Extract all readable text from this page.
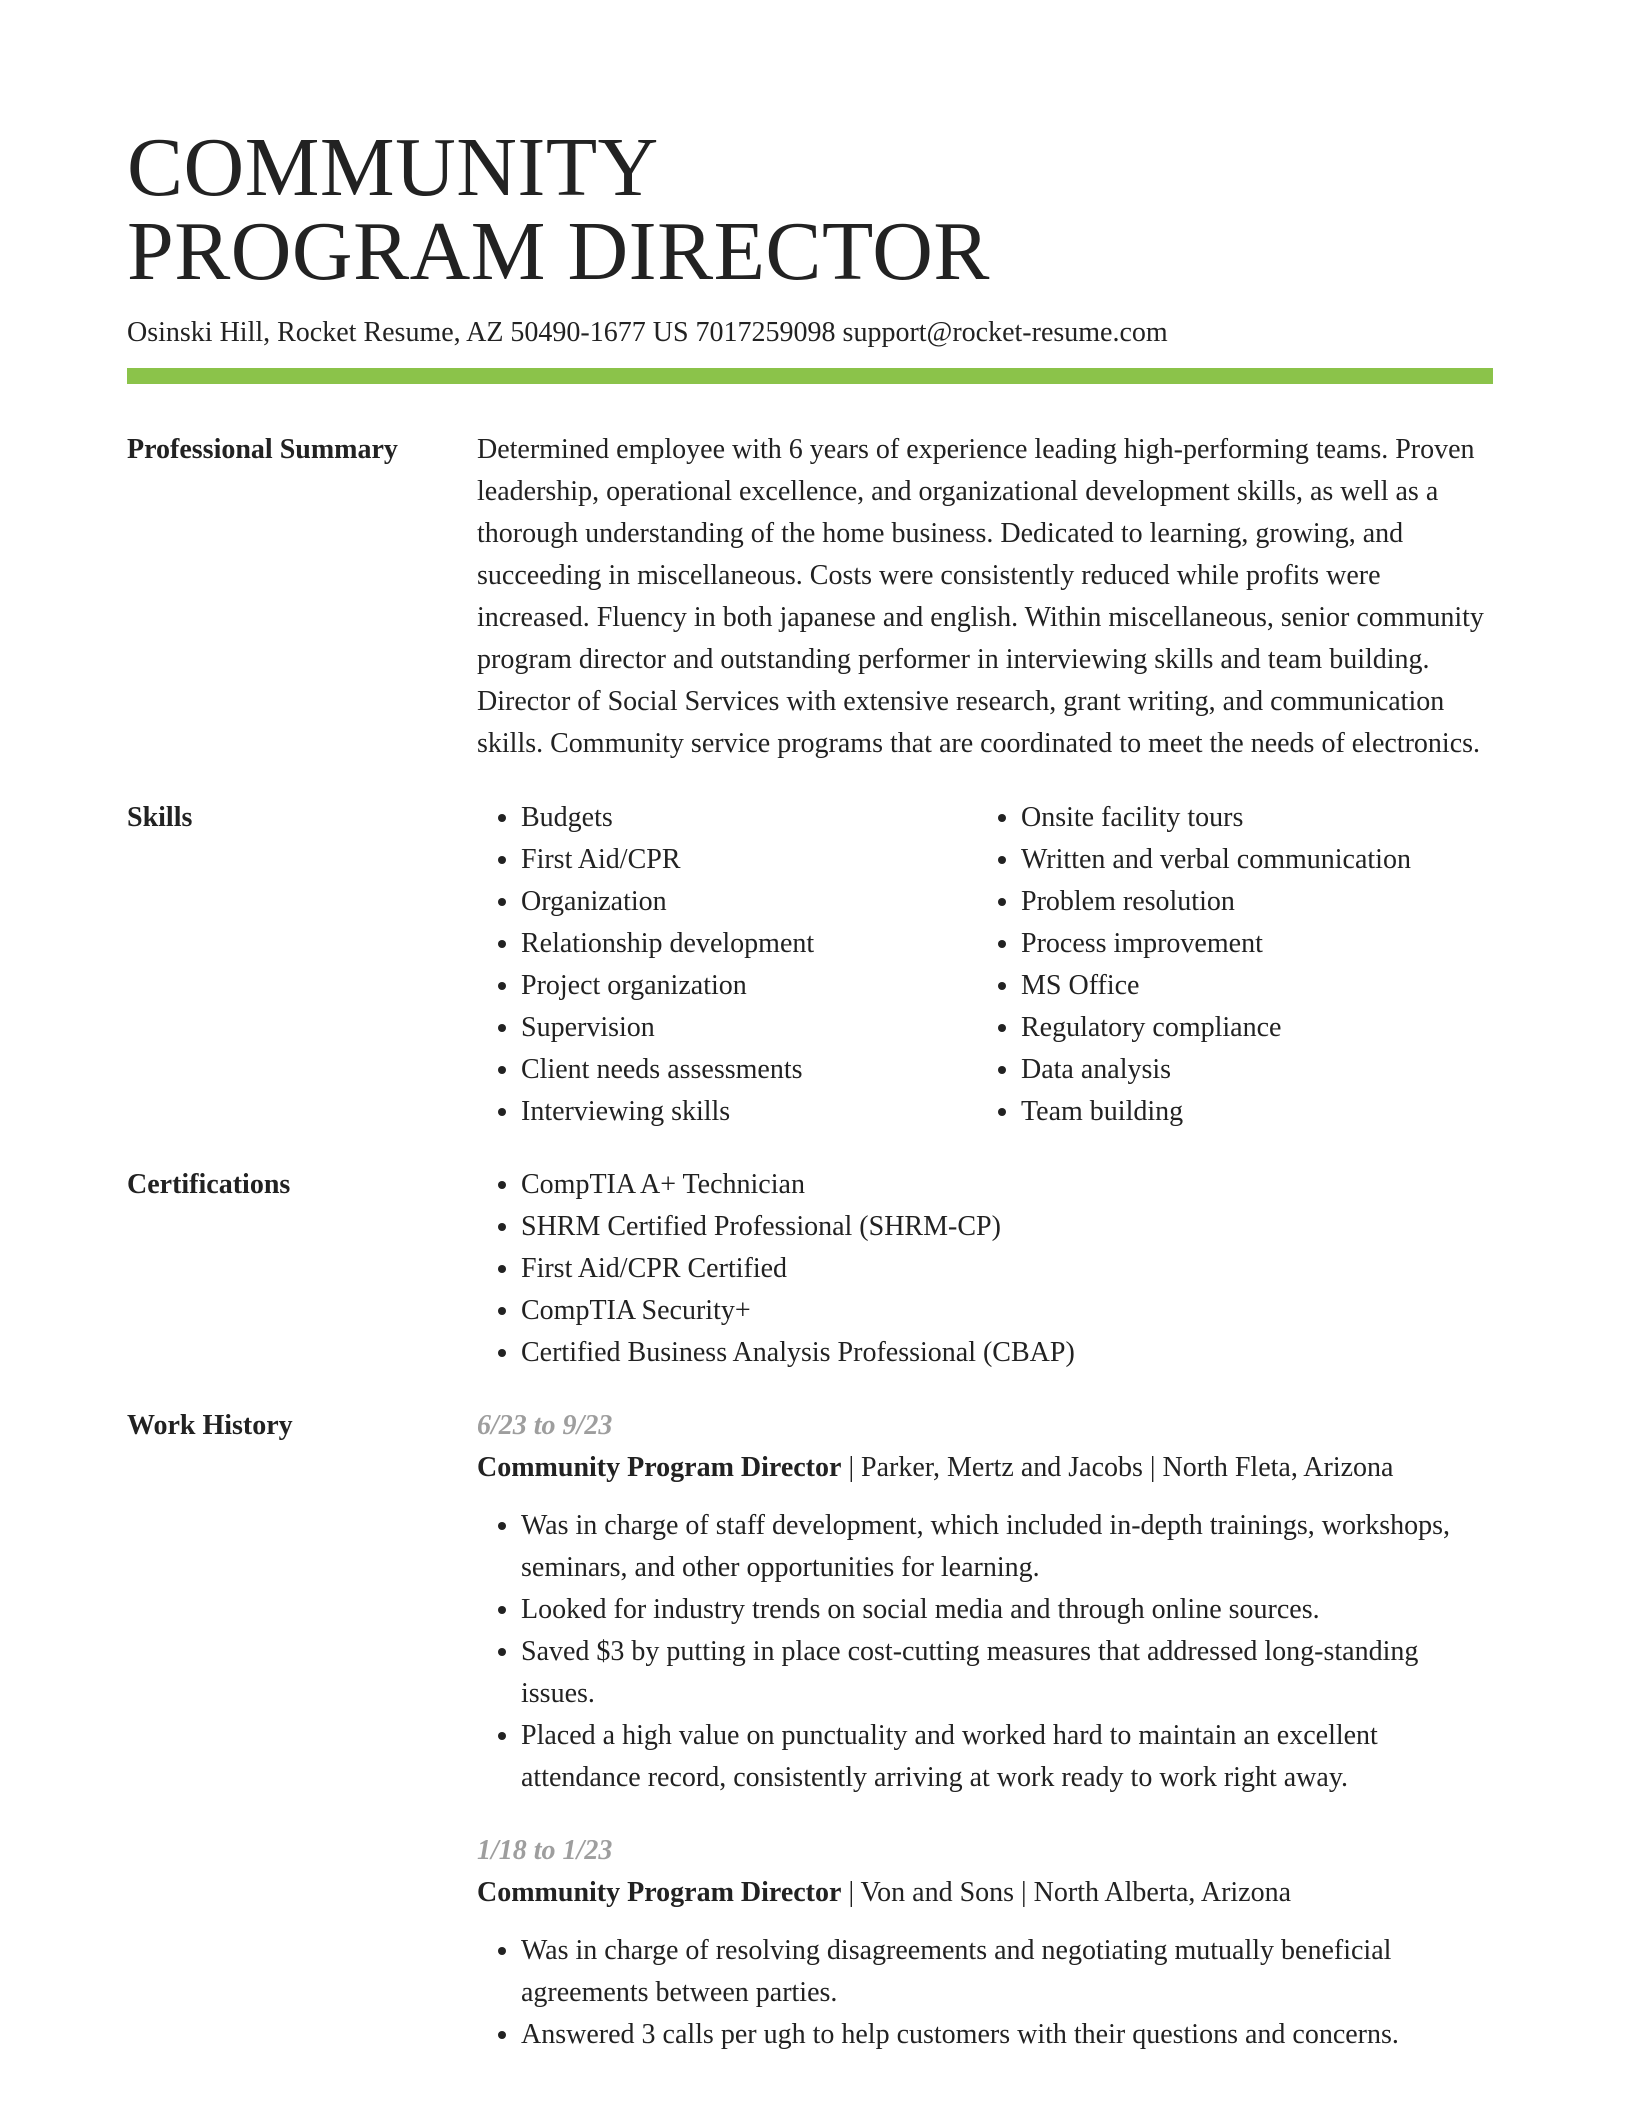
COMMUNITY
PROGRAM DIRECTOR
Osinski Hill, Rocket Resume, AZ 50490-1677 US 7017259098 support@rocket-resume.com
Professional Summary	Determined employee with 6 years of experience leading high-performing teams. Proven leadership, operational excellence, and organizational development skills, as well as a thorough understanding of the home business. Dedicated to learning, growing, and succeeding in miscellaneous. Costs were consistently reduced while profits were increased. Fluency in both japanese and english. Within miscellaneous, senior community program director and outstanding performer in interviewing skills and team building. Director of Social Services with extensive research, grant writing, and communication skills. Community service programs that are coordinated to meet the needs of electronics.
Skills	• Budgets
• First Aid/CPR
• Organization
• Relationship development
• Project organization
• Supervision
• Client needs assessments
• Interviewing skills
• Onsite facility tours
• Written and verbal communication
• Problem resolution
• Process improvement
• MS Office
• Regulatory compliance
• Data analysis
• Team building
Certifications	• CompTIA A+ Technician
• SHRM Certified Professional (SHRM-CP)
• First Aid/CPR Certified
• CompTIA Security+
• Certified Business Analysis Professional (CBAP)
Work History	6/23 to 9/23
Community Program Director | Parker, Mertz and Jacobs | North Fleta, Arizona
• Was in charge of staff development, which included in-depth trainings, workshops, seminars, and other opportunities for learning.
• Looked for industry trends on social media and through online sources.
• Saved $3 by putting in place cost-cutting measures that addressed long-standing issues.
• Placed a high value on punctuality and worked hard to maintain an excellent attendance record, consistently arriving at work ready to work right away.
1/18 to 1/23
Community Program Director | Von and Sons | North Alberta, Arizona
• Was in charge of resolving disagreements and negotiating mutually beneficial agreements between parties.
• Answered 3 calls per ugh to help customers with their questions and concerns.
